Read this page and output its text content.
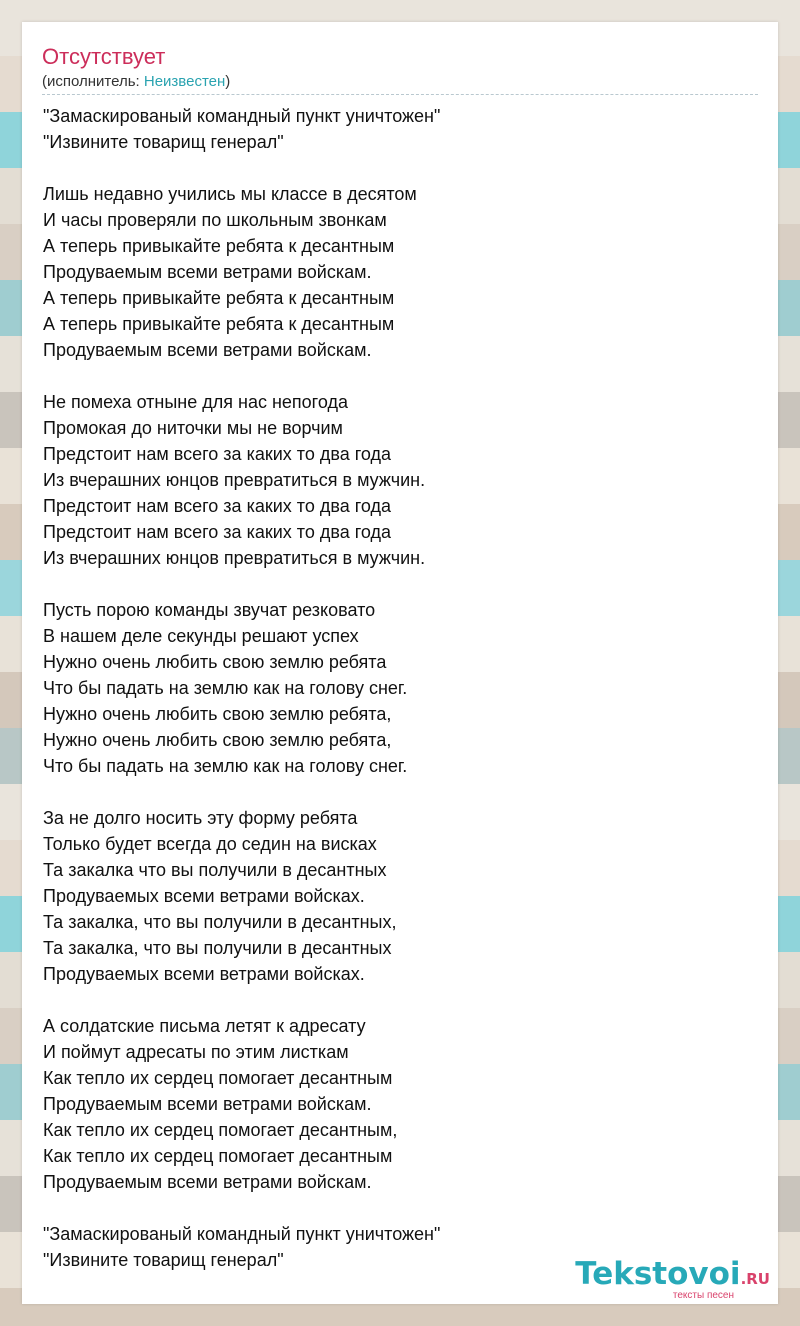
Отсутствует
(исполнитель: Неизвестен)
"Замаскированый командный пункт уничтожен"
"Извините товарищ генерал"
Лишь недавно учились мы классе в десятом
И часы проверяли по школьным звонкам
А теперь привыкайте ребята к десантным
Продуваемым всеми ветрами войскам.
А теперь привыкайте ребята к десантным
А теперь привыкайте ребята к десантным
Продуваемым всеми ветрами войскам.
Не помеха отныне для нас непогода
Промокая до ниточки мы не ворчим
Предстоит нам всего за каких то два года
Из вчерашних юнцов превратиться в мужчин.
Предстоит нам всего за каких то два года
Предстоит нам всего за каких то два года
Из вчерашних юнцов превратиться в мужчин.
Пусть порою команды звучат резковато
В нашем деле секунды решают успех
Нужно очень любить свою землю ребята
Что бы падать на землю как на голову снег.
Нужно очень любить свою землю ребята,
Нужно очень любить свою землю ребята,
Что бы падать на землю как на голову снег.
За не долго носить эту форму ребята
Только будет всегда до седин на висках
Та закалка что вы получили в десантных
Продуваемых всеми ветрами войсках.
Та закалка, что вы получили в десантных,
Та закалка, что вы получили в десантных
Продуваемых всеми ветрами войсках.
А солдатские письма летят к адресату
И поймут адресаты по этим листкам
Как тепло их сердец помогает десантным
Продуваемым всеми ветрами войскам.
Как тепло их сердец помогает десантным,
Как тепло их сердец помогает десантным
Продуваемым всеми ветрами войскам.
"Замаскированый командный пункт уничтожен"
"Извините товарищ генерал"	Tekstovoi.RU
тексты песен
